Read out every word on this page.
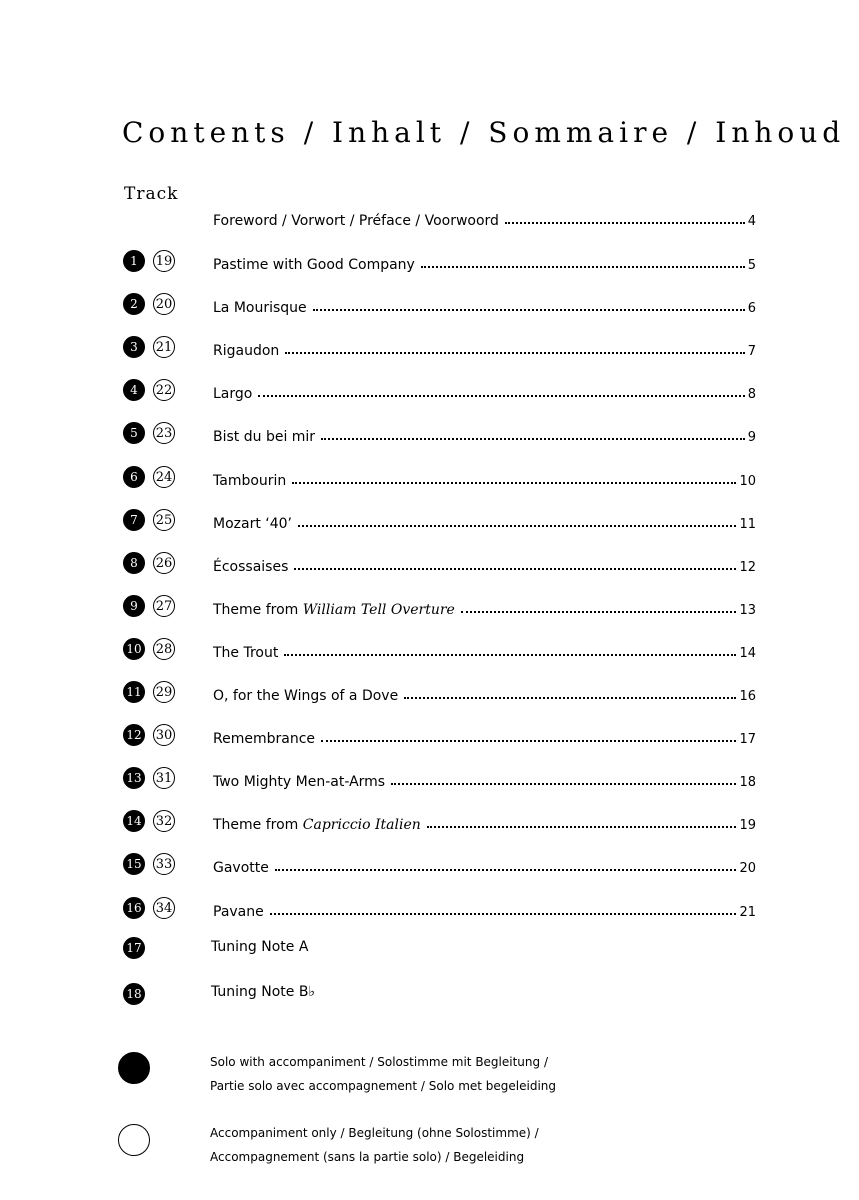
Contents / Inhalt / Sommaire / Inhoud
Track
Foreword / Vorwort / Préface / Voorwoord	4
1	19	Pastime with Good Company	5
2	20	La Mourisque	6
3	21	Rigaudon	7
4	22	Largo	8
5	23	Bist du bei mir	9
6	24	Tambourin	10
7	25	Mozart ‘40’	11
8	26	Écossaises	12
9	27	Theme from William Tell Overture	13
10 28	The Trout	14
11 29	O, for the Wings of a Dove	16
12 30	Remembrance	17
13 31	Two Mighty Men-at-Arms	18
14 32	Theme from Capriccio Italien	19
15 33	Gavotte	20
16 34	Pavane	21
17	Tuning Note A
18	Tuning Note B♭
Solo with accompaniment / Solostimme mit Begleitung /
Partie solo avec accompagnement / Solo met begeleiding
Accompaniment only / Begleitung (ohne Solostimme) /
Accompagnement (sans la partie solo) / Begeleiding
